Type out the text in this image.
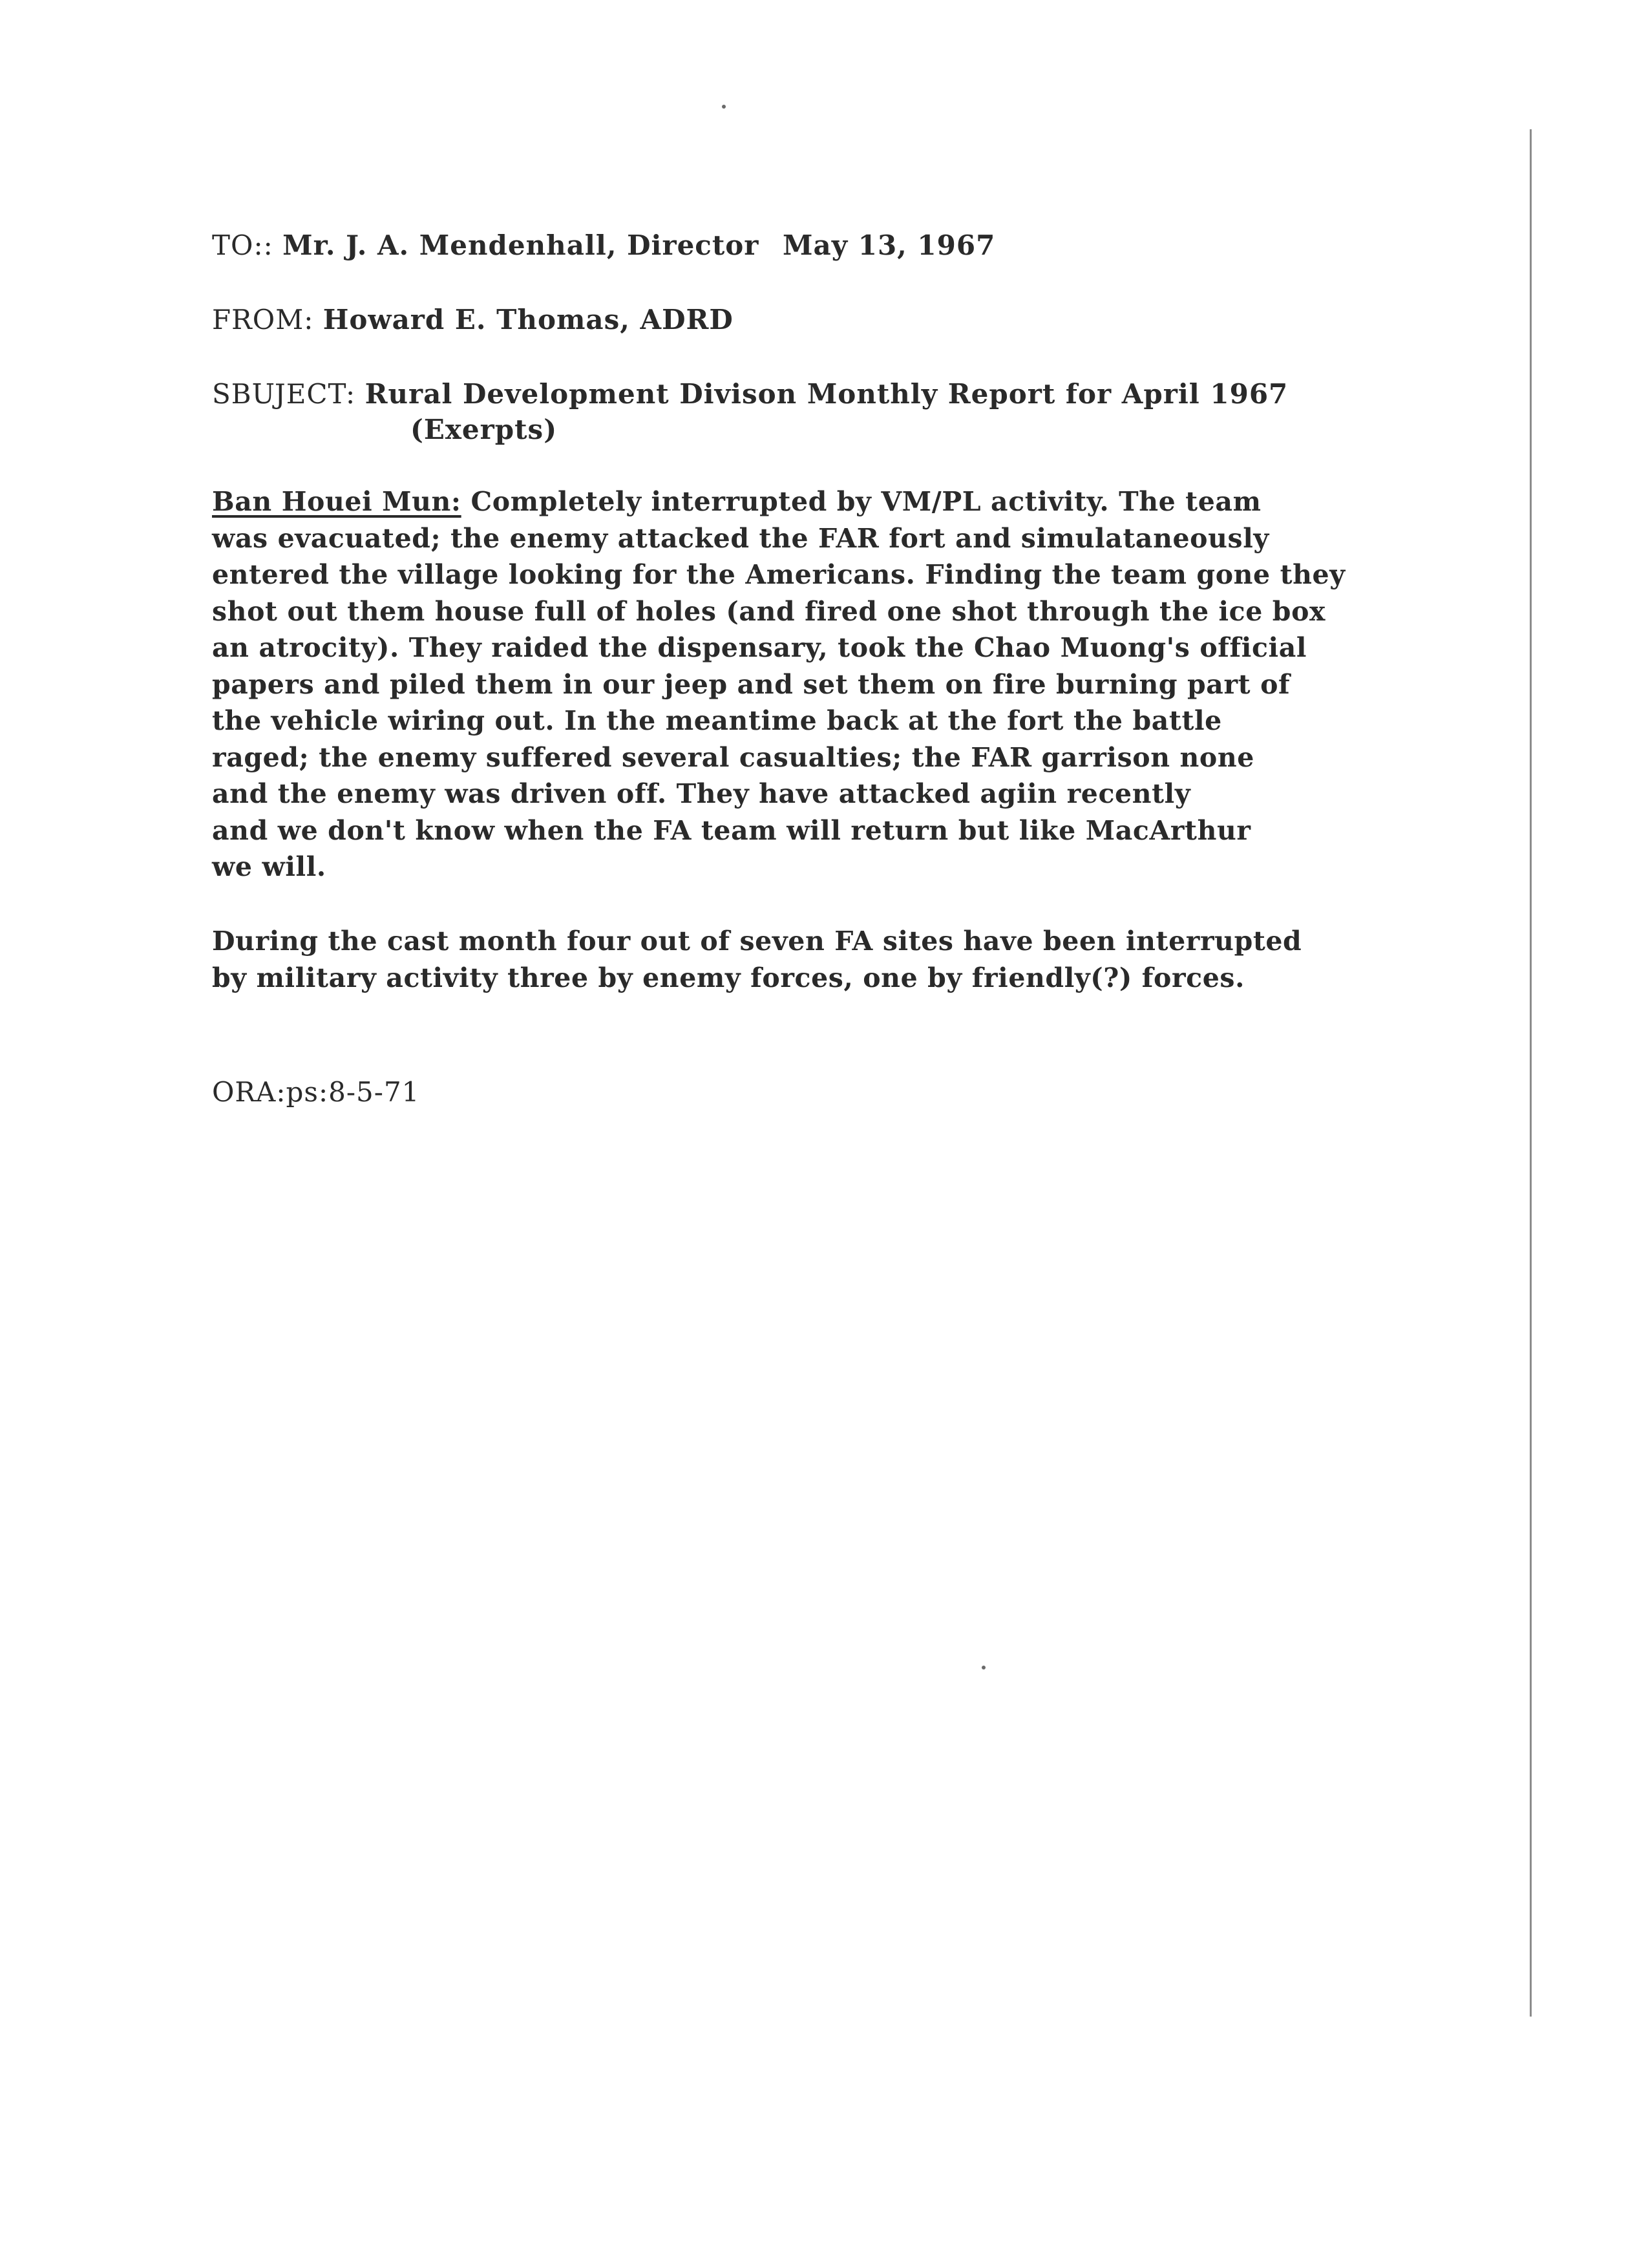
TO:: Mr. J. A. Mendenhall, Director
FROM: Howard E. Thomas, ADRD
SBUJECT: Rural Development Divison Monthly Report for April 1967
(Exerpts)
Ban Houei Mun: Completely interrupted by VM/PL activity. The team
was evacuated; the enemy attacked the FAR fort and simulataneously
entered the village looking for the Americans. Finding the team gone they
shot out them house full of holes (and fired one shot through the ice box
an atrocity). They raided the dispensary, took the Chao Muong's official
papers and piled them in our jeep and set them on fire burning part of
the vehicle wiring out. In the meantime back at the fort the battle
raged; the enemy suffered several casualties; the FAR garrison none
and the enemy was driven off. They have attacked agiin recently
and we don't know when the FA team will return but like MacArthur
we will.
During the cast month four out of seven FA sites have been interrupted
by military activity three by enemy forces, one by friendly(?) forces.
ORA:ps:8-5-71
May 13, 1967
